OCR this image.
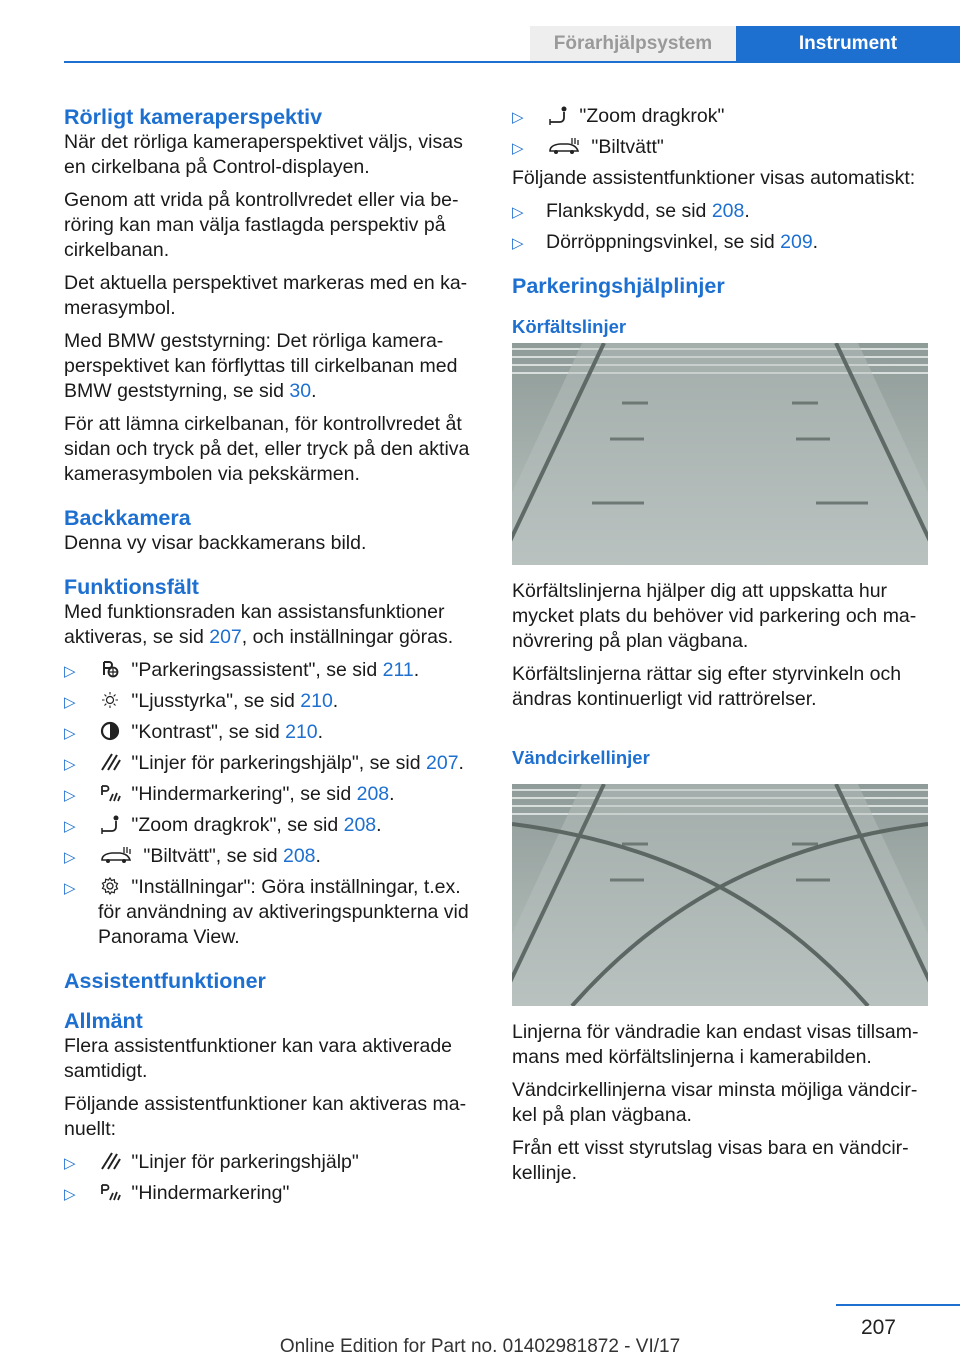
Förarhjälpsystem	Instrument
Rörligt kameraperspektiv

När det rörliga kameraperspektivet väljs, visas en cirkelbana på Control-displayen.

Genom att vrida på kontrollvredet eller via be-röring kan man välja fastlagda perspektiv på cirkelbanan.

Det aktuella perspektivet markeras med en ka-merasymbol.

Med BMW geststyrning: Det rörliga kamera-perspektivet kan förflyttas till cirkelbanan med BMW geststyrning, se sid 30.

För att lämna cirkelbanan, för kontrollvredet åt sidan och tryck på det, eller tryck på den aktiva kamerasymbolen via pekskärmen.

Backkamera

Denna vy visar backkamerans bild.

Funktionsfält

Med funktionsraden kan assistansfunktioner aktiveras, se sid 207, och inställningar göras.

▷	"Parkeringsassistent", se sid 211.
▷	"Ljusstyrka", se sid 210.
▷	"Kontrast", se sid 210.
▷	"Linjer för parkeringshjälp", se sid 207.
▷	"Hindermarkering", se sid 208.
▷	"Zoom dragkrok", se sid 208.
▷	"Biltvätt", se sid 208.
▷	"Inställningar": Göra inställningar, t.ex. för användning av aktiveringspunkterna vid Panorama View.
Assistentfunktioner
Allmänt

Flera assistentfunktioner kan vara aktiverade samtidigt.

Följande assistentfunktioner kan aktiveras ma-nuellt:

▷	"Linjer för parkeringshjälp"
▷	"Hindermarkering"
▷	"Zoom dragkrok"
▷	"Biltvätt"

Följande assistentfunktioner visas automatiskt:

▷ Flankskydd, se sid 208.
▷ Dörröppningsvinkel, se sid 209.
Parkeringshjälplinjer
Körfältslinjer

Körfältslinjerna hjälper dig att uppskatta hur mycket plats du behöver vid parkering och ma-növrering på plan vägbana.

Körfältslinjerna rättar sig efter styrvinkeln och ändras kontinuerligt vid rattrörelser.

Vändcirkellinjer

Linjerna för vändradie kan endast visas tillsam-mans med körfältslinjerna i kamerabilden.

Vändcirkellinjerna visar minsta möjliga vändcir-kel på plan vägbana.

Från ett visst styrutslag visas bara en vändcir-kellinje.

207
Online Edition for Part no. 01402981872 - VI/17
